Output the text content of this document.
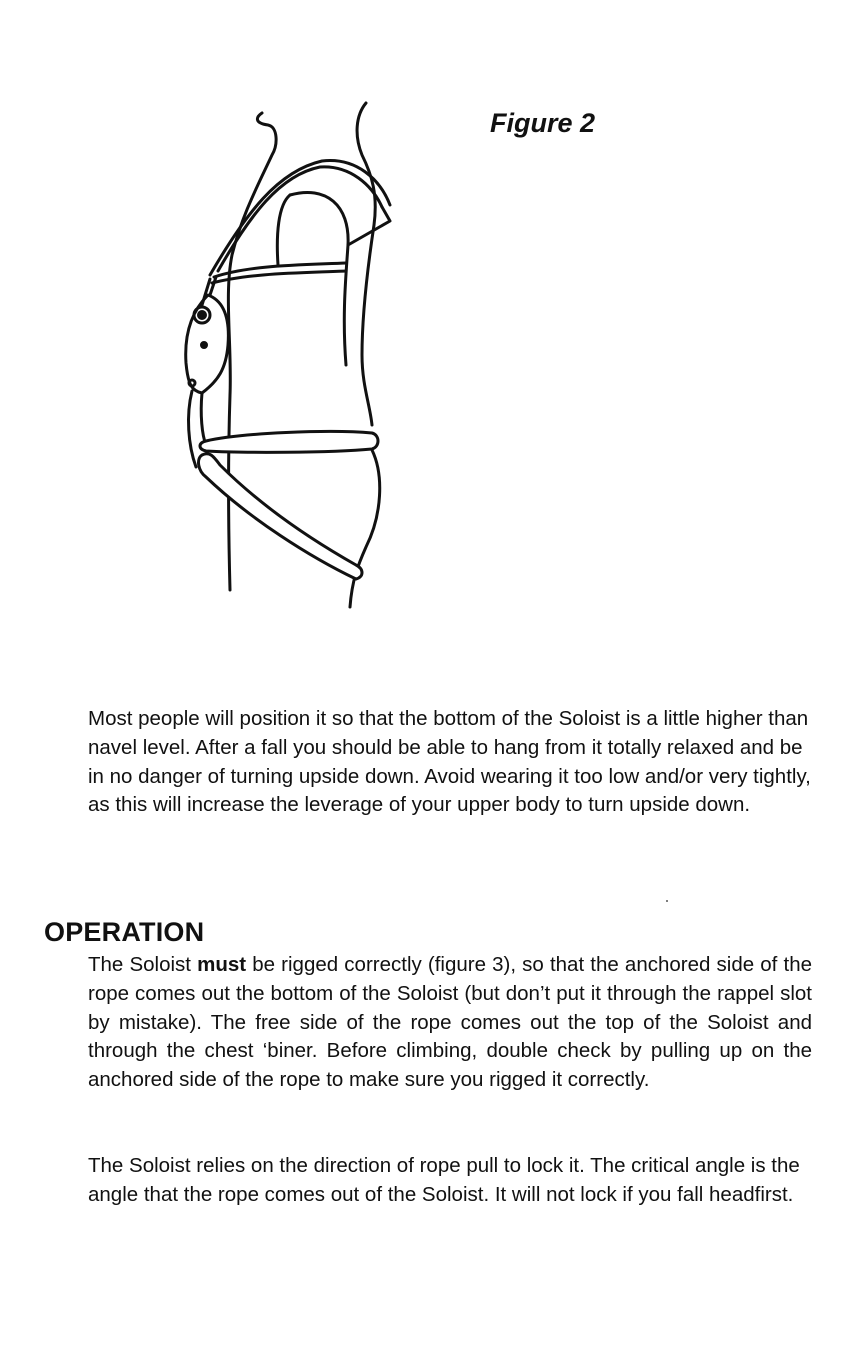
Figure 2

Most people will position it so that the bottom of the Soloist is a little higher than navel level. After a fall you should be able to hang from it totally relaxed and be in no danger of turning upside down. Avoid wearing it too low and/or very tightly, as this will increase the leverage of your upper body to turn upside down.

OPERATION

The Soloist must be rigged correctly (figure 3), so that the anchored side of the rope comes out the bottom of the Soloist (but don’t put it through the rappel slot by mistake). The free side of the rope comes out the top of the Soloist and through the chest ‘biner. Before climbing, double check by pulling up on the anchored side of the rope to make sure you rigged it correctly.

The Soloist relies on the direction of rope pull to lock it. The critical angle is the angle that the rope comes out of the Soloist. It will not lock if you fall headfirst.
